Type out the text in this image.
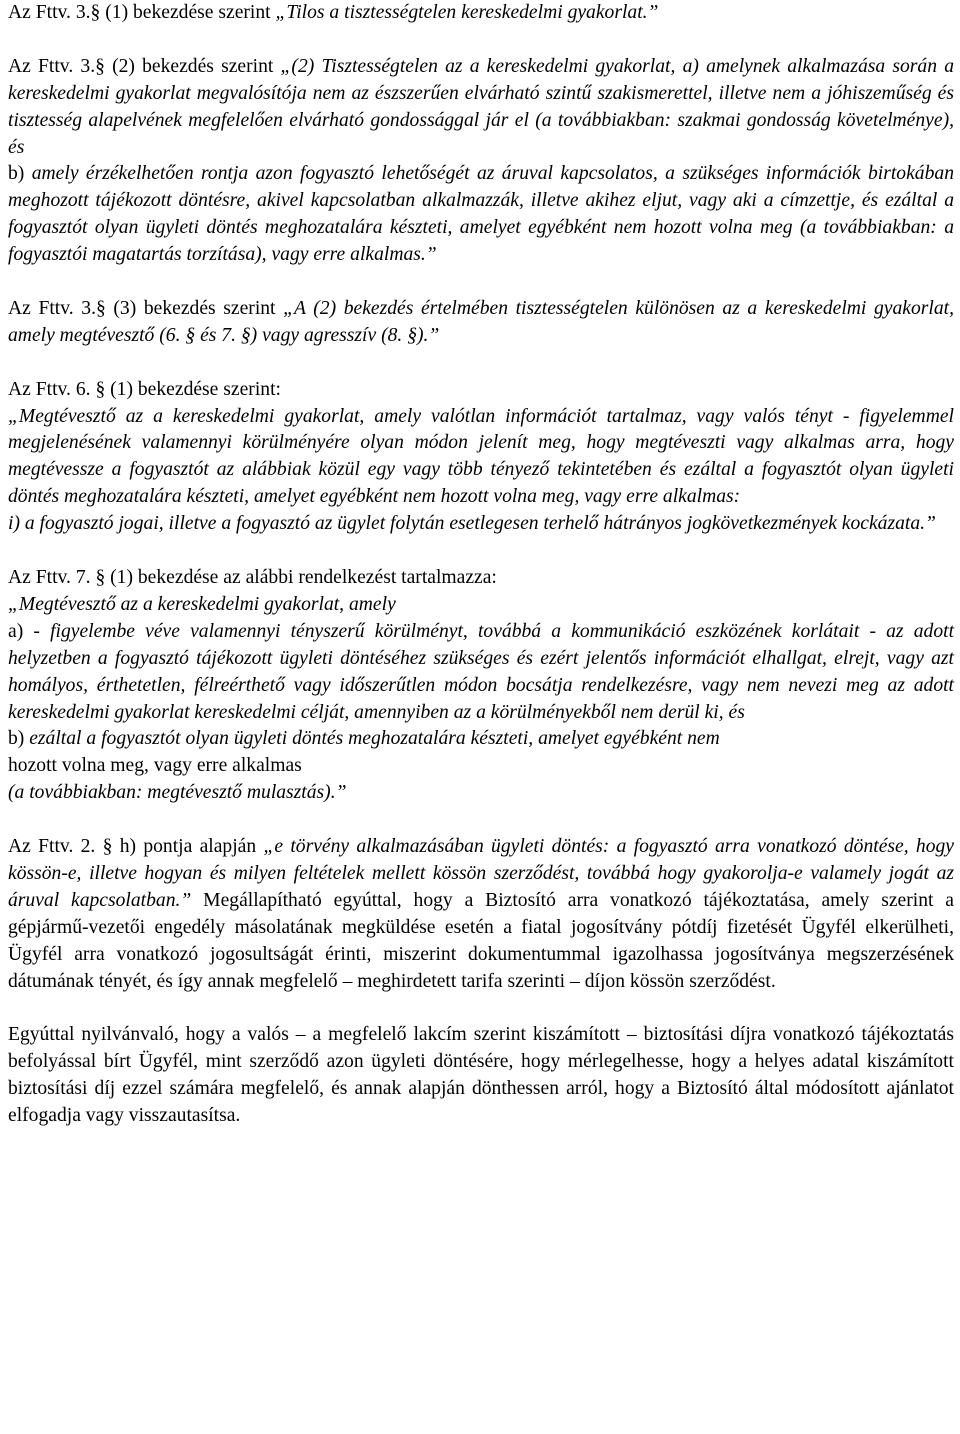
Az Fttv. 3.§ (1) bekezdése szerint „Tilos a tisztességtelen kereskedelmi gyakorlat.”

Az Fttv. 3.§ (2) bekezdés szerint „(2) Tisztességtelen az a kereskedelmi gyakorlat, a) amelynek alkalmazása során a kereskedelmi gyakorlat megvalósítója nem az észszerűen elvárható szintű szakismerettel, illetve nem a jóhiszeműség és tisztesség alapelvének megfelelően elvárható gondossággal jár el (a továbbiakban: szakmai gondosság követelménye), és

b) amely érzékelhetően rontja azon fogyasztó lehetőségét az áruval kapcsolatos, a szükséges információk birtokában meghozott tájékozott döntésre, akivel kapcsolatban alkalmazzák, illetve akihez eljut, vagy aki a címzettje, és ezáltal a fogyasztót olyan ügyleti döntés meghozatalára készteti, amelyet egyébként nem hozott volna meg (a továbbiakban: a fogyasztói magatartás torzítása), vagy erre alkalmas.”

Az Fttv. 3.§ (3) bekezdés szerint „A (2) bekezdés értelmében tisztességtelen különösen az a kereskedelmi gyakorlat, amely megtévesztő (6. § és 7. §) vagy agresszív (8. §).”

Az Fttv. 6. § (1) bekezdése szerint:

„Megtévesztő az a kereskedelmi gyakorlat, amely valótlan információt tartalmaz, vagy valós tényt - figyelemmel megjelenésének valamennyi körülményére olyan módon jelenít meg, hogy megtéveszti vagy alkalmas arra, hogy megtévessze a fogyasztót az alábbiak közül egy vagy több tényező tekintetében és ezáltal a fogyasztót olyan ügyleti döntés meghozatalára készteti, amelyet egyébként nem hozott volna meg, vagy erre alkalmas:

i) a fogyasztó jogai, illetve a fogyasztó az ügylet folytán esetlegesen terhelő hátrányos jogkövetkezmények kockázata.”

Az Fttv. 7. § (1) bekezdése az alábbi rendelkezést tartalmazza:

„Megtévesztő az a kereskedelmi gyakorlat, amely

a) - figyelembe véve valamennyi tényszerű körülményt, továbbá a kommunikáció eszközének korlátait - az adott helyzetben a fogyasztó tájékozott ügyleti döntéséhez szükséges és ezért jelentős információt elhallgat, elrejt, vagy azt homályos, érthetetlen, félreérthető vagy időszerűtlen módon bocsátja rendelkezésre, vagy nem nevezi meg az adott kereskedelmi gyakorlat kereskedelmi célját, amennyiben az a körülményekből nem derül ki, és

b) ezáltal a fogyasztót olyan ügyleti döntés meghozatalára készteti, amelyet egyébként nem

hozott volna meg, vagy erre alkalmas

(a továbbiakban: megtévesztő mulasztás).”

Az Fttv. 2. § h) pontja alapján „e törvény alkalmazásában ügyleti döntés: a fogyasztó arra vonatkozó döntése, hogy kössön-e, illetve hogyan és milyen feltételek mellett kössön szerződést, továbbá hogy gyakorolja-e valamely jogát az áruval kapcsolatban.” Megállapítható egyúttal, hogy a Biztosító arra vonatkozó tájékoztatása, amely szerint a gépjármű-vezetői engedély másolatának megküldése esetén a fiatal jogosítvány pótdíj fizetését Ügyfél elkerülheti, Ügyfél arra vonatkozó jogosultságát érinti, miszerint dokumentummal igazolhassa jogosítványa megszerzésének dátumának tényét, és így annak megfelelő – meghirdetett tarifa szerinti – díjon kössön szerződést.

Egyúttal nyilvánvaló, hogy a valós – a megfelelő lakcím szerint kiszámított – biztosítási díjra vonatkozó tájékoztatás befolyással bírt Ügyfél, mint szerződő azon ügyleti döntésére, hogy mérlegelhesse, hogy a helyes adatal kiszámított biztosítási díj ezzel számára megfelelő, és annak alapján dönthessen arról, hogy a Biztosító által módosított ajánlatot elfogadja vagy visszautasítsa.
